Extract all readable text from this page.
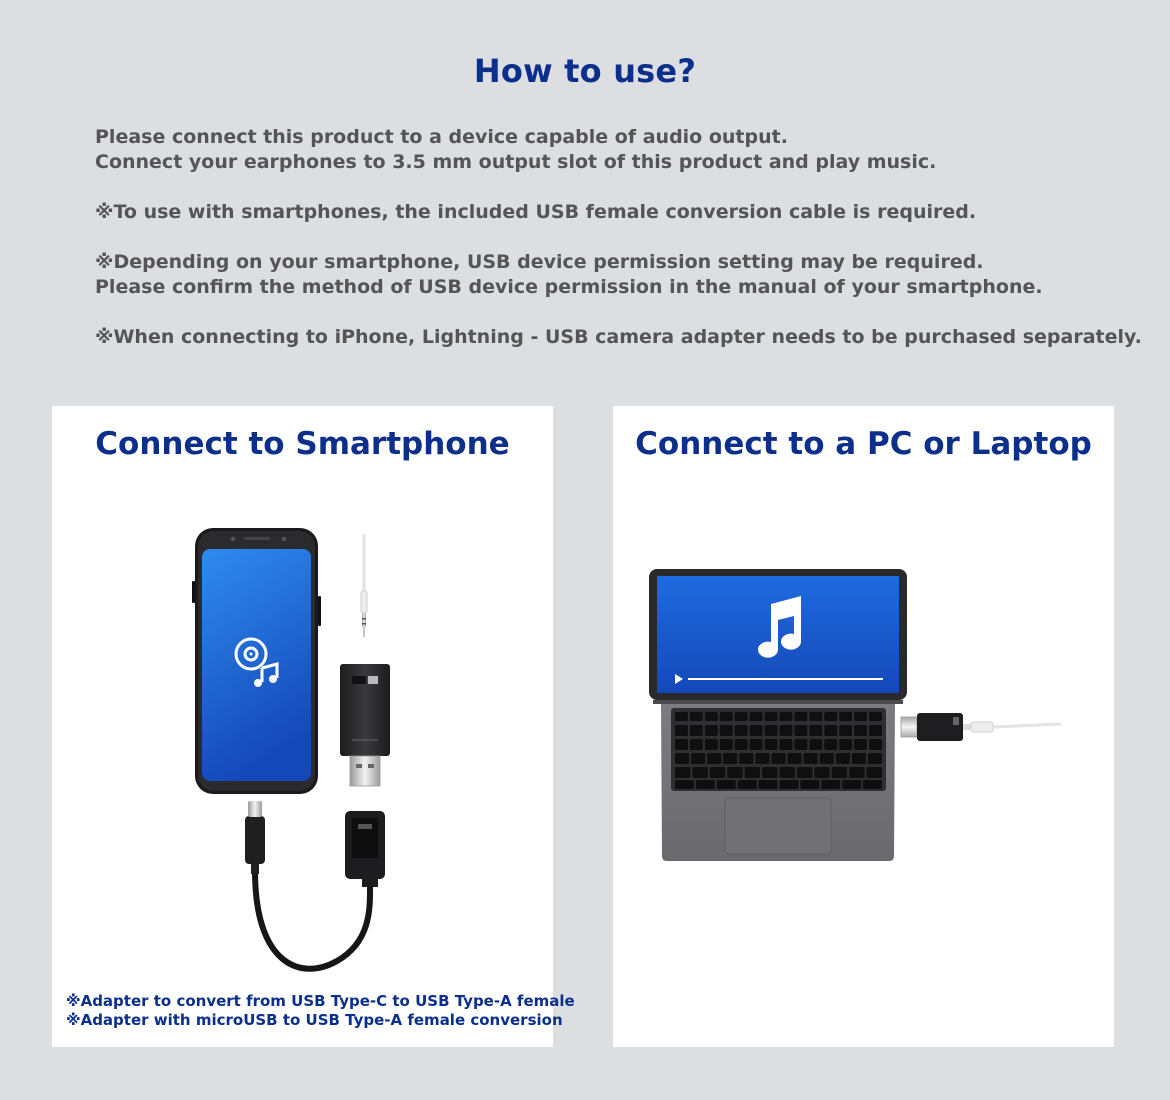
How to use?
Please connect this product to a device capable of audio output.
Connect your earphones to 3.5 mm output slot of this product and play music.
※To use with smartphones, the included USB female conversion cable is required.
※Depending on your smartphone, USB device permission setting may be required.
Please confirm the method of USB device permission in the manual of your smartphone.
※When connecting to iPhone, Lightning - USB camera adapter needs to be purchased separately.
Connect to Smartphone
※Adapter to convert from USB Type-C to USB Type-A female
※Adapter with microUSB to USB Type-A female conversion
Connect to a PC or Laptop
